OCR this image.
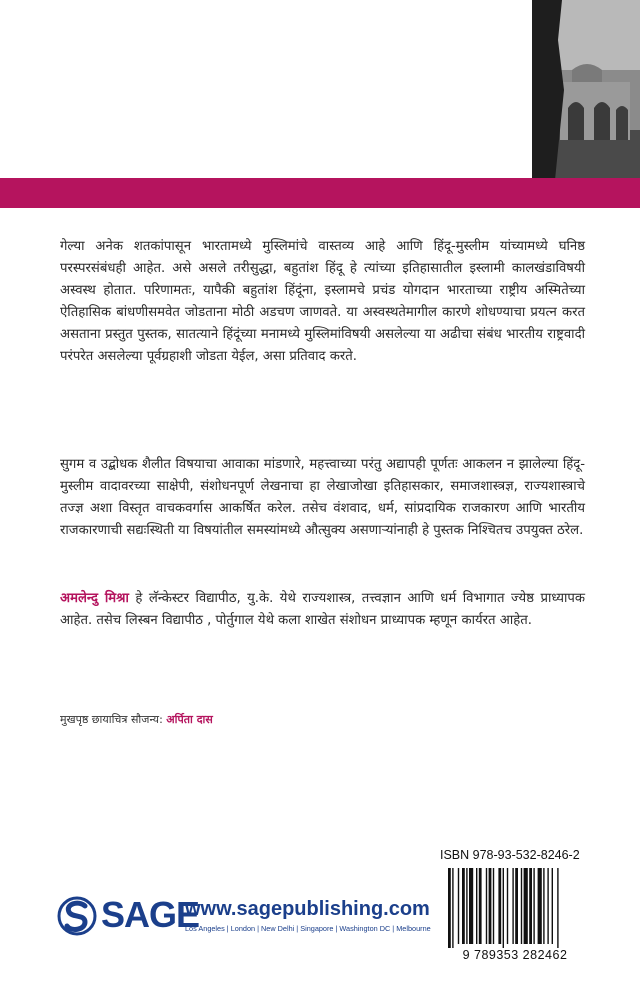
गेल्या अनेक शतकांपासून भारतामध्ये मुस्लिमांचे वास्तव्य आहे आणि हिंदू-मुस्लीम यांच्यामध्ये घनिष्ठ परस्परसंबंधही आहेत. असे असले तरीसुद्धा, बहुतांश हिंदू हे त्यांच्या इतिहासातील इस्लामी कालखंडाविषयी अस्वस्थ होतात. परिणामतः, यापैकी बहुतांश हिंदूंना, इस्लामचे प्रचंड योगदान भारताच्या राष्ट्रीय अस्मितेच्या ऐतिहासिक बांधणीसमवेत जोडताना मोठी अडचण जाणवते. या अस्वस्थतेमागील कारणे शोधण्याचा प्रयत्न करत असताना प्रस्तुत पुस्तक, सातत्याने हिंदूंच्या मनामध्ये मुस्लिमांविषयी असलेल्या या अढीचा संबंध भारतीय राष्ट्रवादी परंपरेत असलेल्या पूर्वग्रहाशी जोडता येईल, असा प्रतिवाद करते.

सुगम व उद्बोधक शैलीत विषयाचा आवाका मांडणारे, महत्त्वाच्या परंतु अद्यापही पूर्णतः आकलन न झालेल्या हिंदू-मुस्लीम वादावरच्या साक्षेपी, संशोधनपूर्ण लेखनाचा हा लेखाजोखा इतिहासकार, समाजशास्त्रज्ञ, राज्यशास्त्राचे तज्ज्ञ अशा विस्तृत वाचकवर्गास आकर्षित करेल. तसेच वंशवाद, धर्म, सांप्रदायिक राजकारण आणि भारतीय राजकारणाची सद्यःस्थिती या विषयांतील समस्यांमध्ये औत्सुक्य असणाऱ्यांनाही हे पुस्तक निश्चितच उपयुक्त ठरेल.

अमलेन्दु मिश्रा हे लॅन्केस्टर विद्यापीठ, यु.के. येथे राज्यशास्त्र, तत्त्वज्ञान आणि धर्म विभागात ज्येष्ठ प्राध्यापक आहेत. तसेच लिस्बन विद्यापीठ , पोर्तुगाल येथे कला शाखेत संशोधन प्राध्यापक म्हणून कार्यरत आहेत.

मुखपृष्ठ छायाचित्र सौजन्य: अर्पिता दास
SAGE
www.sagepublishing.com
Los Angeles | London | New Delhi | Singapore | Washington DC | Melbourne
ISBN 978-93-532-8246-2
9 789353 282462
